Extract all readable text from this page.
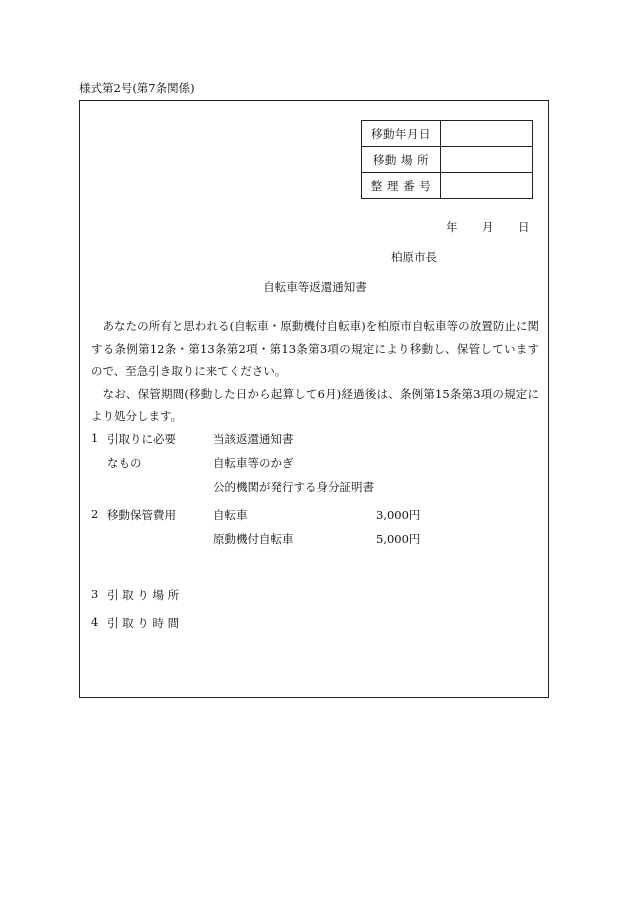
様式第2号(第7条関係)
移動年月日	
移動 場 所	
整 理 番 号	
年 月 日
柏原市長
自転車等返還通知書

あなたの所有と思われる(自転車・原動機付自転車)を柏原市自転車等の放置防止に関する条例第12条・第13条第2項・第13条第3項の規定により移動し、保管していますので、至急引き取りに来てください。

なお、保管期間(移動した日から起算して6月)経過後は、条例第15条第3項の規定により処分します。

1 引取りに必要
なもの
当該返還通知書
自転車等のかぎ
公的機関が発行する身分証明書
2 移動保管費用	自転車	3,000円
原動機付自転車	5,000円
3 引 取 り 場 所
4 引 取 り 時 間
